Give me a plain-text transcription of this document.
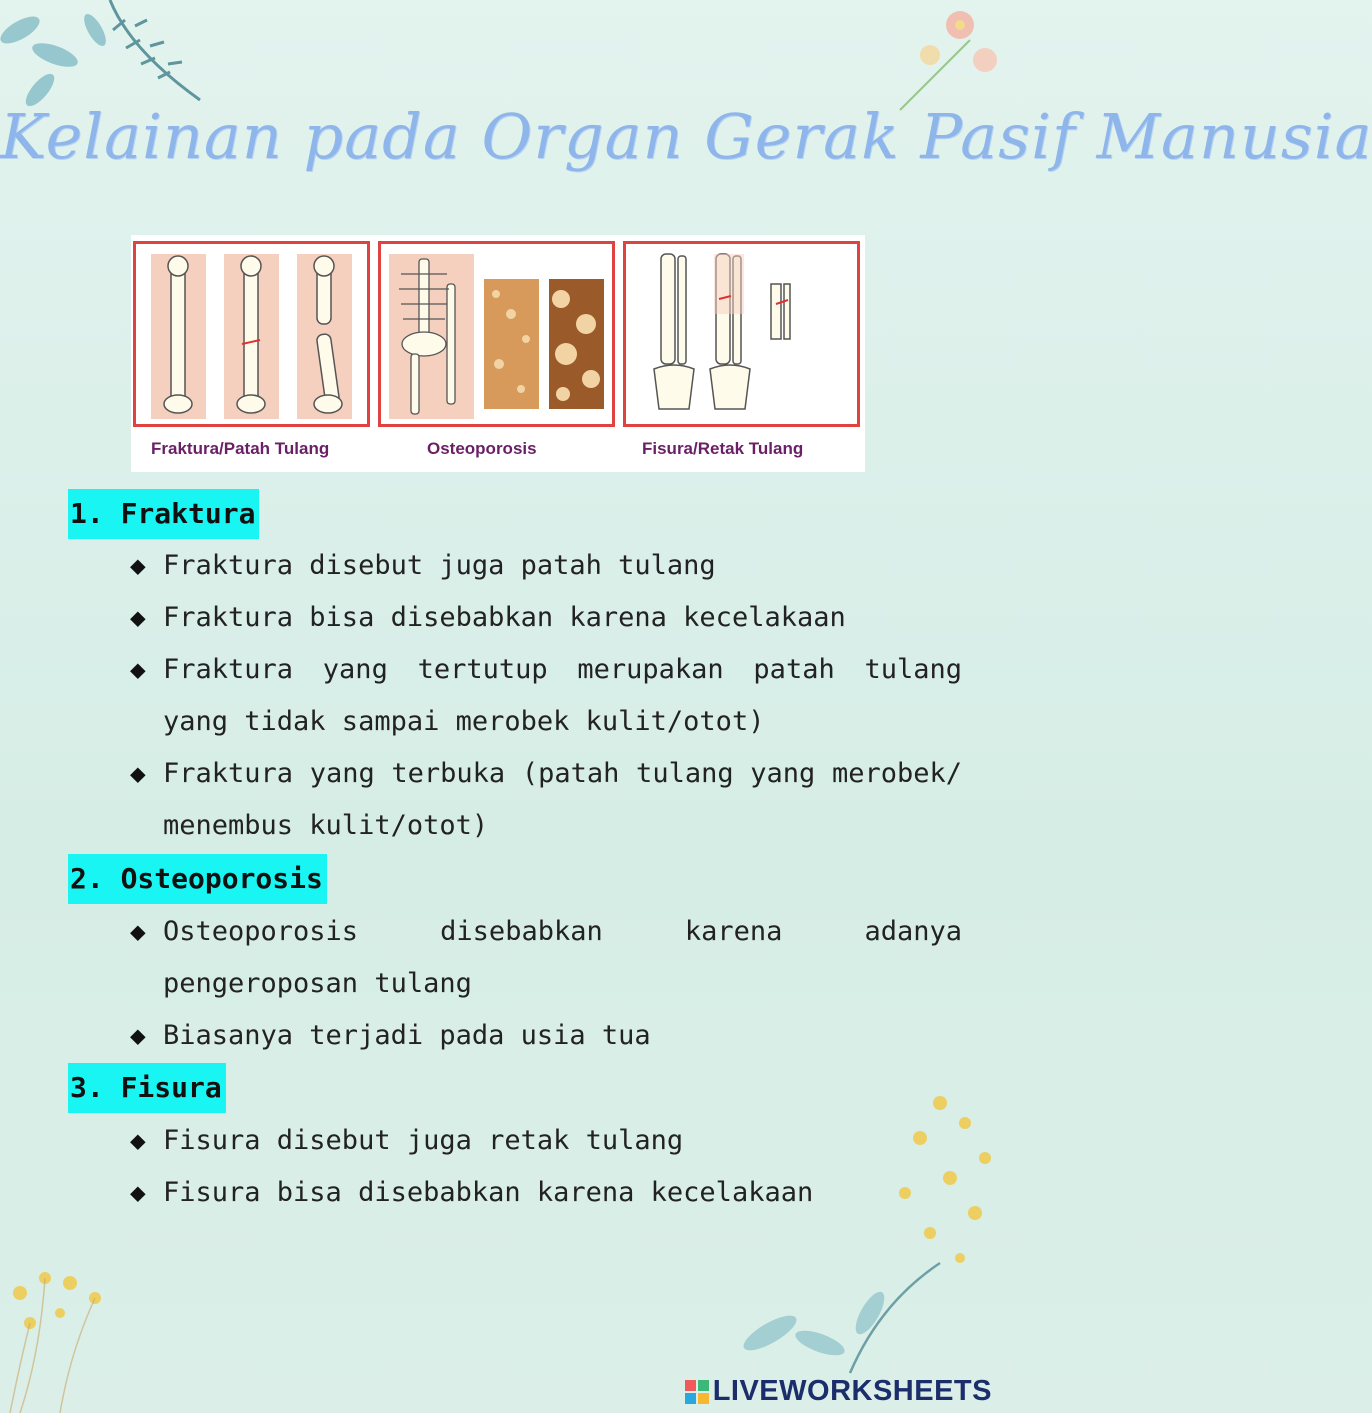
Kelainan pada Organ Gerak Pasif Manusia
Fraktura/Patah Tulang	Osteoporosis	Fisura/Retak Tulang
1. Fraktura
◆ Fraktura disebut juga patah tulang
◆ Fraktura bisa disebabkan karena kecelakaan
◆ Fraktura yang tertutup merupakan patah tulang yang tidak sampai merobek kulit/otot)
◆ Fraktura yang terbuka (patah tulang yang merobek/ menembus kulit/otot)
2. Osteoporosis
◆ Osteoporosis disebabkan karena adanya pengeroposan tulang
◆ Biasanya terjadi pada usia tua
3. Fisura
◆ Fisura disebut juga retak tulang
◆ Fisura bisa disebabkan karena kecelakaan
LIVEWORKSHEETS
